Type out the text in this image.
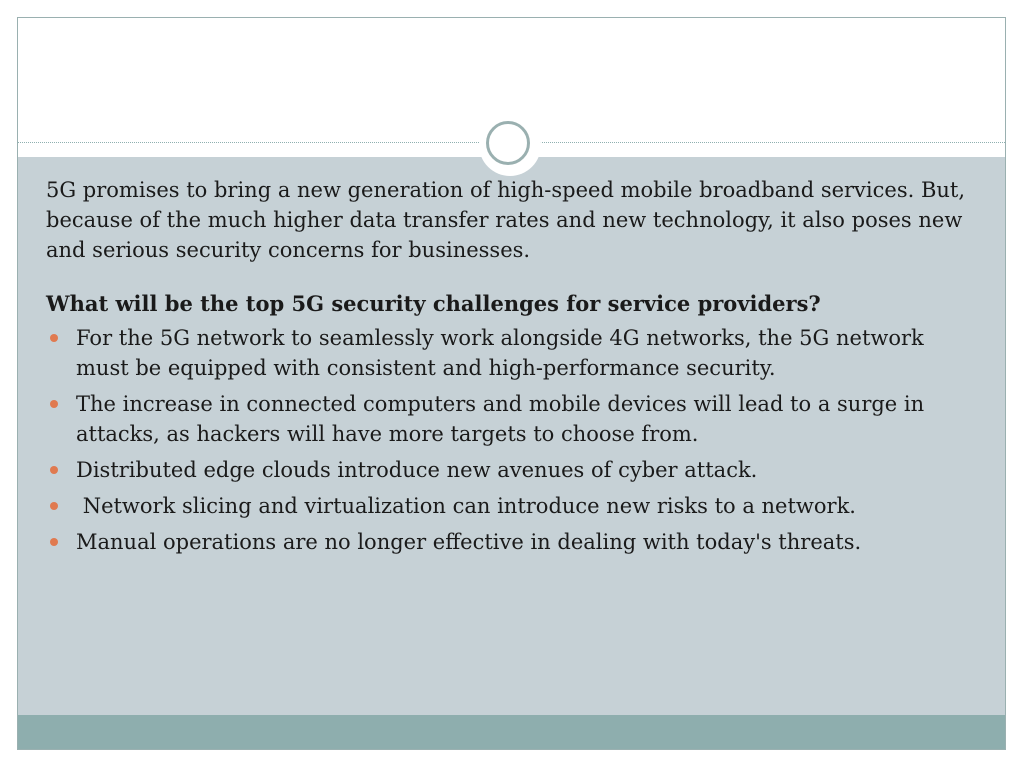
5G promises to bring a new generation of high-speed mobile broadband services. But, because of the much higher data transfer rates and new technology, it also poses new and serious security concerns for businesses.

What will be the top 5G security challenges for service providers?

For the 5G network to seamlessly work alongside 4G networks, the 5G network must be equipped with consistent and high-performance security.
The increase in connected computers and mobile devices will lead to a surge in attacks, as hackers will have more targets to choose from.
Distributed edge clouds introduce new avenues of cyber attack.
Network slicing and virtualization can introduce new risks to a network.
Manual operations are no longer effective in dealing with today's threats.
